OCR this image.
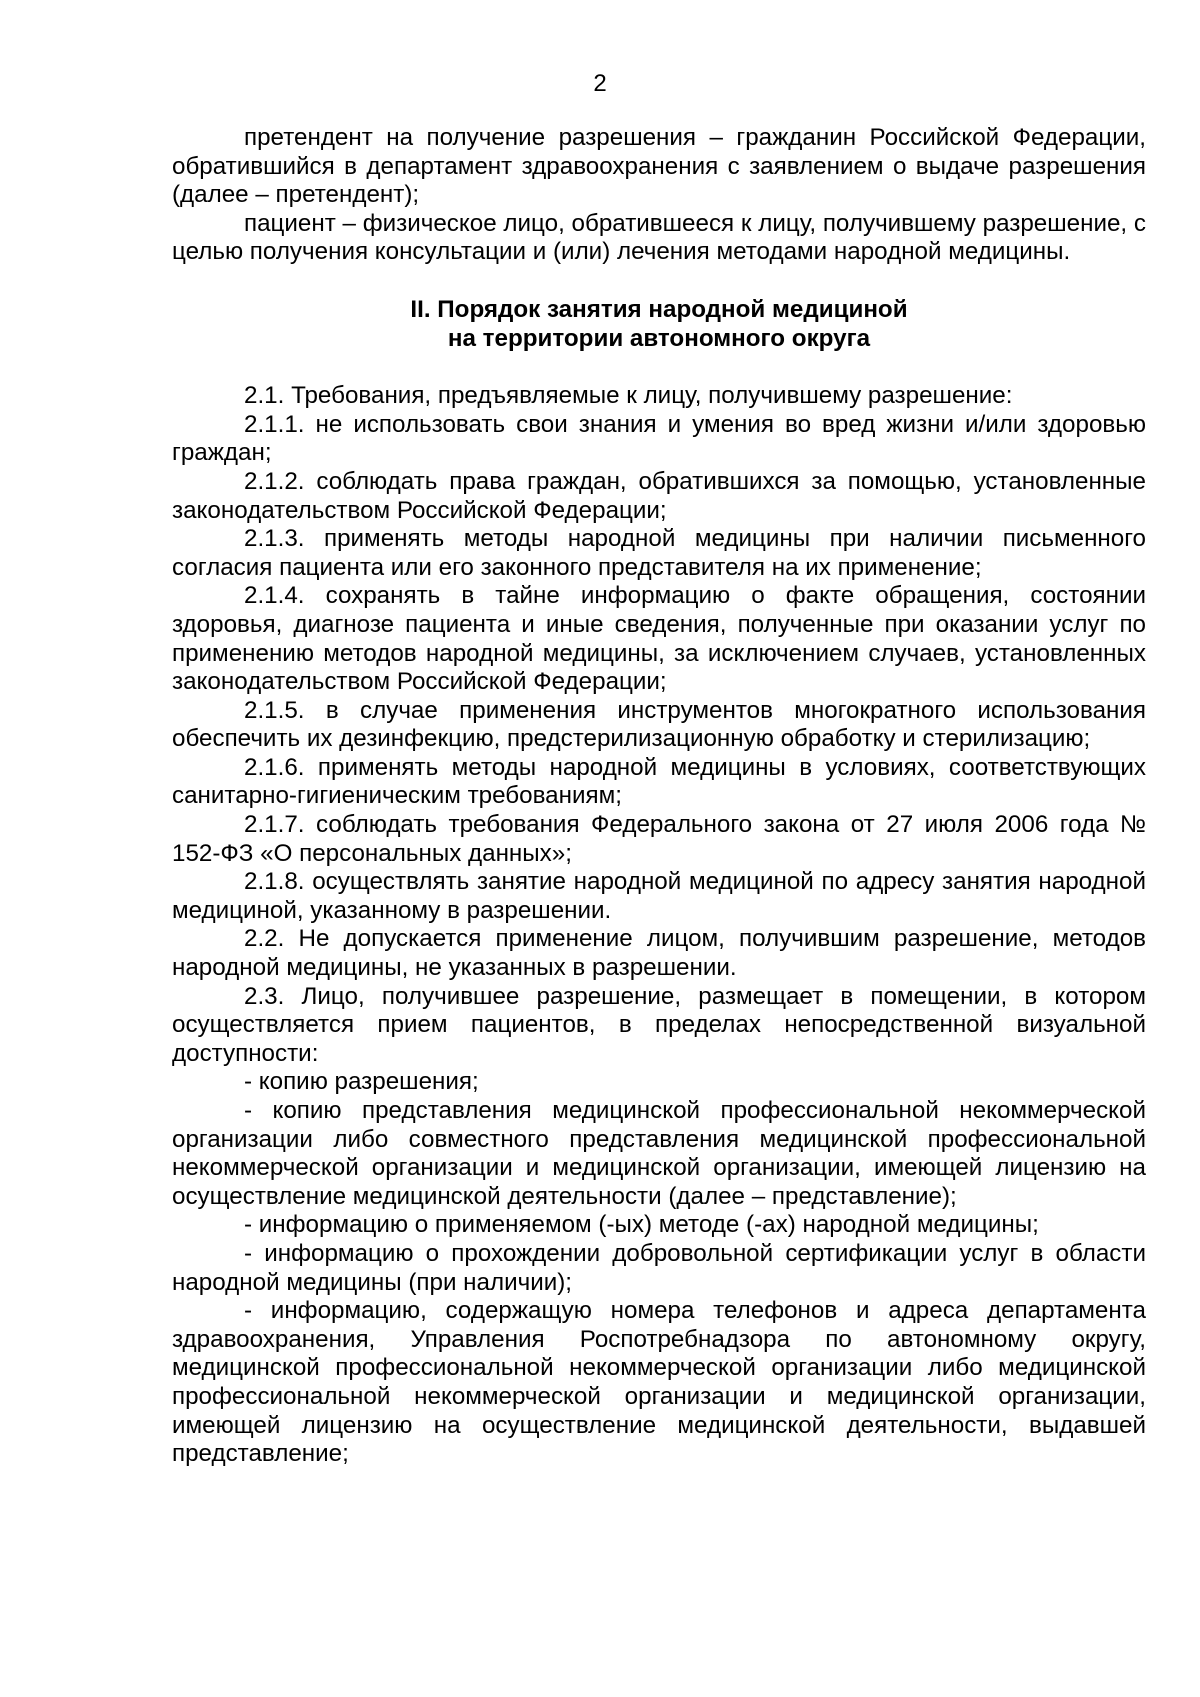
2

претендент на получение разрешения – гражданин Российской Федерации, обратившийся в департамент здравоохранения с заявлением о выдаче разрешения (далее – претендент);

пациент – физическое лицо, обратившееся к лицу, получившему разрешение, с целью получения консультации и (или) лечения методами народной медицины.

II. Порядок занятия народной медициной
на территории автономного округа

2.1. Требования, предъявляемые к лицу, получившему разрешение:

2.1.1. не использовать свои знания и умения во вред жизни и/или здоровью граждан;

2.1.2. соблюдать права граждан, обратившихся за помощью, установленные законодательством Российской Федерации;

2.1.3. применять методы народной медицины при наличии письменного согласия пациента или его законного представителя на их применение;

2.1.4. сохранять в тайне информацию о факте обращения, состоянии здоровья, диагнозе пациента и иные сведения, полученные при оказании услуг по применению методов народной медицины, за исключением случаев, установленных законодательством Российской Федерации;

2.1.5. в случае применения инструментов многократного использования обеспечить их дезинфекцию, предстерилизационную обработку и стерилизацию;

2.1.6. применять методы народной медицины в условиях, соответствующих санитарно-гигиеническим требованиям;

2.1.7. соблюдать требования Федерального закона от 27 июля 2006 года № 152-ФЗ «О персональных данных»;

2.1.8. осуществлять занятие народной медициной по адресу занятия народной медициной, указанному в разрешении.

2.2. Не допускается применение лицом, получившим разрешение, методов народной медицины, не указанных в разрешении.

2.3. Лицо, получившее разрешение, размещает в помещении, в котором осуществляется прием пациентов, в пределах непосредственной визуальной доступности:

- копию разрешения;

- копию представления медицинской профессиональной некоммерческой организации либо совместного представления медицинской профессиональной некоммерческой организации и медицинской организации, имеющей лицензию на осуществление медицинской деятельности (далее – представление);

- информацию о применяемом (-ых) методе (-ах) народной медицины;

- информацию о прохождении добровольной сертификации услуг в области народной медицины (при наличии);

- информацию, содержащую номера телефонов и адреса департамента здравоохранения, Управления Роспотребнадзора по автономному округу, медицинской профессиональной некоммерческой организации либо медицинской профессиональной некоммерческой организации и медицинской организации, имеющей лицензию на осуществление медицинской деятельности, выдавшей представление;
